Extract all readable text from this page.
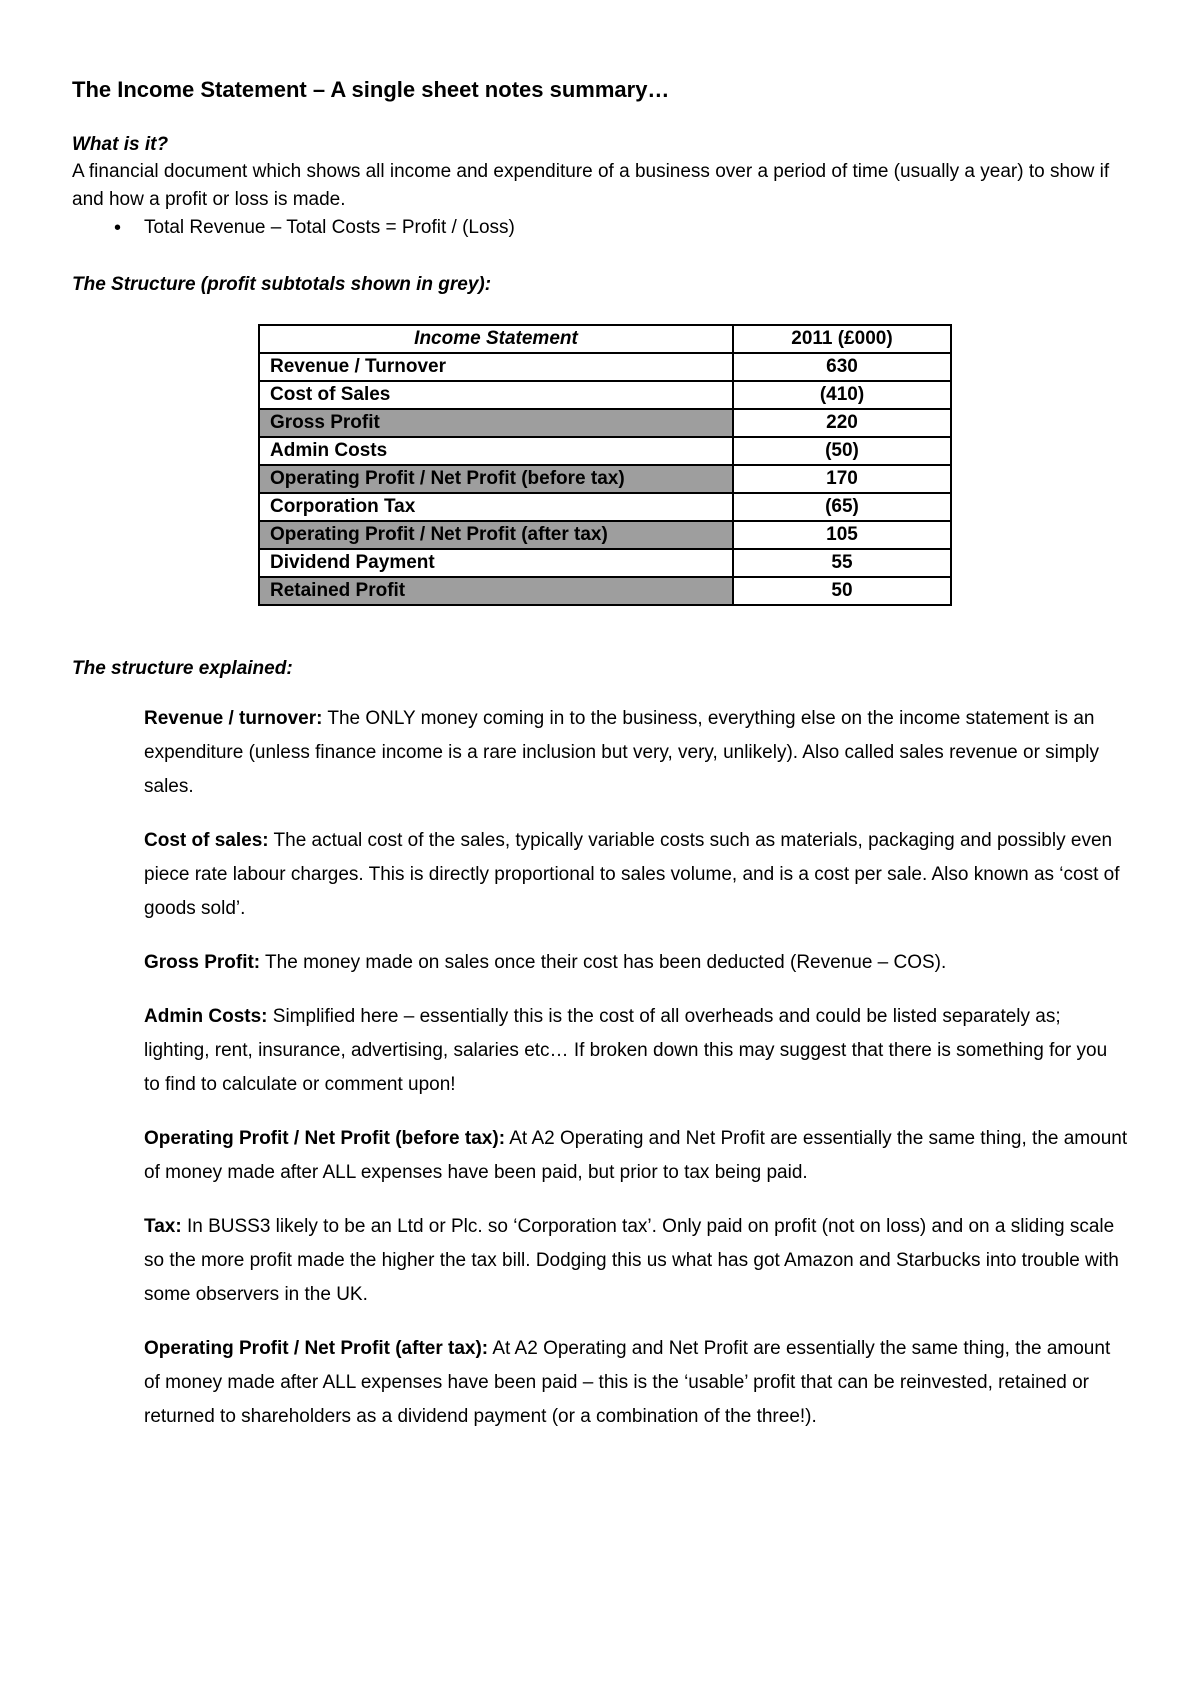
The Income Statement – A single sheet notes summary…
What is it?

A financial document which shows all income and expenditure of a business over a period of time (usually a year) to show if and how a profit or loss is made.

• Total Revenue – Total Costs = Profit / (Loss)
The Structure (profit subtotals shown in grey):
Income Statement	2011 (£000)
Revenue / Turnover	630
Cost of Sales	(410)
Gross Profit	220
Admin Costs	(50)
Operating Profit / Net Profit (before tax)	170
Corporation Tax	(65)
Operating Profit / Net Profit (after tax)	105
Dividend Payment	55
Retained Profit	50
The structure explained:

Revenue / turnover: The ONLY money coming in to the business, everything else on the income statement is an expenditure (unless finance income is a rare inclusion but very, very, unlikely). Also called sales revenue or simply sales.

Cost of sales: The actual cost of the sales, typically variable costs such as materials, packaging and possibly even piece rate labour charges. This is directly proportional to sales volume, and is a cost per sale. Also known as ‘cost of goods sold’.

Gross Profit: The money made on sales once their cost has been deducted (Revenue – COS).

Admin Costs: Simplified here – essentially this is the cost of all overheads and could be listed separately as; lighting, rent, insurance, advertising, salaries etc… If broken down this may suggest that there is something for you to find to calculate or comment upon!

Operating Profit / Net Profit (before tax): At A2 Operating and Net Profit are essentially the same thing, the amount of money made after ALL expenses have been paid, but prior to tax being paid.

Tax: In BUSS3 likely to be an Ltd or Plc. so ‘Corporation tax’. Only paid on profit (not on loss) and on a sliding scale so the more profit made the higher the tax bill. Dodging this us what has got Amazon and Starbucks into trouble with some observers in the UK.

Operating Profit / Net Profit (after tax): At A2 Operating and Net Profit are essentially the same thing, the amount of money made after ALL expenses have been paid – this is the ‘usable’ profit that can be reinvested, retained or returned to shareholders as a dividend payment (or a combination of the three!).
